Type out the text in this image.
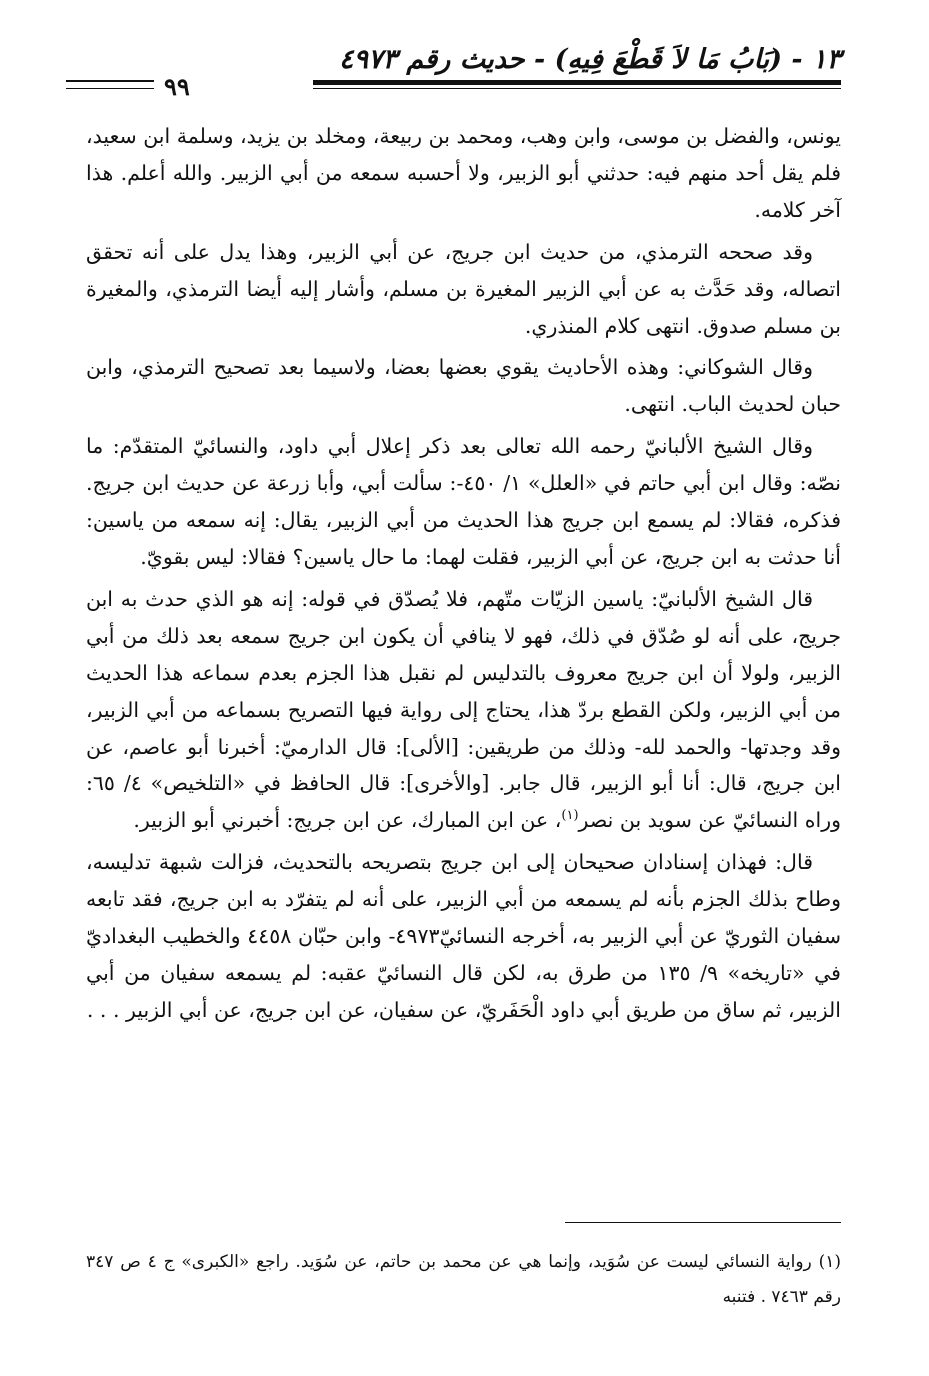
١٣ - (بَابُ مَا لاَ قَطْعَ فِيهِ) - حديث رقم ٤٩٧٣
٩٩

يونس، والفضل بن موسى، وابن وهب، ومحمد بن ربيعة، ومخلد بن يزيد، وسلمة ابن سعيد، فلم يقل أحد منهم فيه: حدثني أبو الزبير، ولا أحسبه سمعه من أبي الزبير. والله أعلم. هذا آخر كلامه.

وقد صححه الترمذي، من حديث ابن جريج، عن أبي الزبير، وهذا يدل على أنه تحقق اتصاله، وقد حَدَّث به عن أبي الزبير المغيرة بن مسلم، وأشار إليه أيضا الترمذي، والمغيرة بن مسلم صدوق. انتهى كلام المنذري.

وقال الشوكاني: وهذه الأحاديث يقوي بعضها بعضا، ولاسيما بعد تصحيح الترمذي، وابن حبان لحديث الباب. انتهى.

وقال الشيخ الألبانيّ رحمه الله تعالى بعد ذكر إعلال أبي داود، والنسائيّ المتقدّم: ما نصّه: وقال ابن أبي حاتم في «العلل» ١/ ٤٥٠-: سألت أبي، وأبا زرعة عن حديث ابن جريج. فذكره، فقالا: لم يسمع ابن جريج هذا الحديث من أبي الزبير، يقال: إنه سمعه من ياسين: أنا حدثت به ابن جريج، عن أبي الزبير، فقلت لهما: ما حال ياسين؟ فقالا: ليس بقويّ.

قال الشيخ الألبانيّ: ياسين الزيّات متّهم، فلا يُصدّق في قوله: إنه هو الذي حدث به ابن جريج، على أنه لو صُدّق في ذلك، فهو لا ينافي أن يكون ابن جريج سمعه بعد ذلك من أبي الزبير، ولولا أن ابن جريج معروف بالتدليس لم نقبل هذا الجزم بعدم سماعه هذا الحديث من أبي الزبير، ولكن القطع بردّ هذا، يحتاج إلى رواية فيها التصريح بسماعه من أبي الزبير، وقد وجدتها- والحمد لله- وذلك من طريقين: [الألى]: قال الدارميّ: أخبرنا أبو عاصم، عن ابن جريج، قال: أنا أبو الزبير، قال جابر. [والأخرى]: قال الحافظ في «التلخيص» ٤/ ٦٥: وراه النسائيّ عن سويد بن نصر$^{(١)}$، عن ابن المبارك، عن ابن جريج: أخبرني أبو الزبير.

قال: فهذان إسنادان صحيحان إلى ابن جريج بتصريحه بالتحديث، فزالت شبهة تدليسه، وطاح بذلك الجزم بأنه لم يسمعه من أبي الزبير، على أنه لم يتفرّد به ابن جريج، فقد تابعه سفيان الثوريّ عن أبي الزبير به، أخرجه النسائيّ٤٩٧٣- وابن حبّان ٤٤٥٨ والخطيب البغداديّ في «تاريخه» ٩/ ١٣٥ من طرق به، لكن قال النسائيّ عقبه: لم يسمعه سفيان من أبي الزبير، ثم ساق من طريق أبي داود الْحَفَريّ، عن سفيان، عن ابن جريج، عن أبي الزبير . . .

(١) رواية النسائي ليست عن سُوَيد، وإنما هي عن محمد بن حاتم، عن سُوَيد. راجع «الكبرى» ج ٤ ص ٣٤٧ رقم ٧٤٦٣ . فتنبه
